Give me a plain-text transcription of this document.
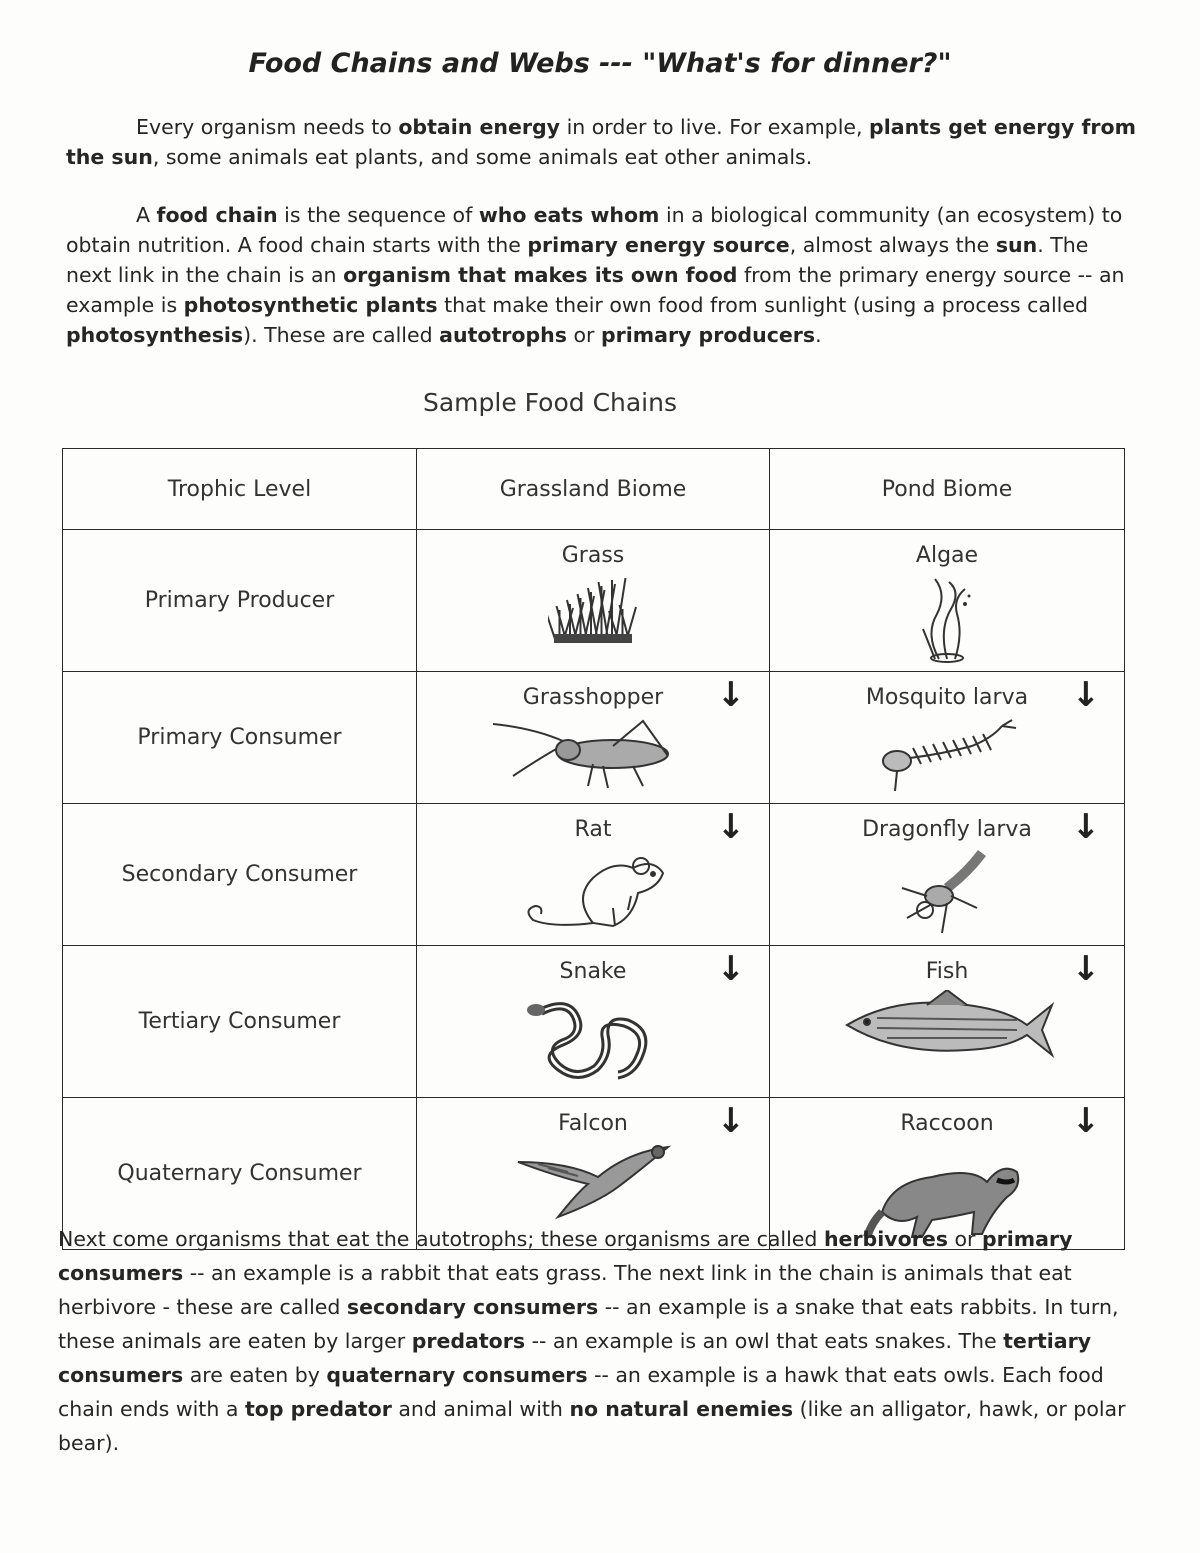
Food Chains and Webs --- "What's for dinner?"

Every organism needs to obtain energy in order to live. For example, plants get energy from the sun, some animals eat plants, and some animals eat other animals.

A food chain is the sequence of who eats whom in a biological community (an ecosystem) to obtain nutrition. A food chain starts with the primary energy source, almost always the sun. The next link in the chain is an organism that makes its own food from the primary energy source -- an example is photosynthetic plants that make their own food from sunlight (using a process called photosynthesis). These are called autotrophs or primary producers.

Sample Food Chains
Trophic Level	Grassland Biome	Pond Biome
Primary Producer	Grass	Algae

Primary Consumer	Grasshopper ↓	Mosquito larva ↓

Secondary Consumer	Rat ↓	Dragonfly larva ↓

Tertiary Consumer	Snake ↓	Fish ↓

Quaternary Consumer	Falcon ↓	Raccoon ↓

Next come organisms that eat the autotrophs; these organisms are called herbivores or primary consumers -- an example is a rabbit that eats grass. The next link in the chain is animals that eat herbivore - these are called secondary consumers -- an example is a snake that eats rabbits. In turn, these animals are eaten by larger predators -- an example is an owl that eats snakes. The tertiary consumers are eaten by quaternary consumers -- an example is a hawk that eats owls. Each food chain ends with a top predator and animal with no natural enemies (like an alligator, hawk, or polar bear).
